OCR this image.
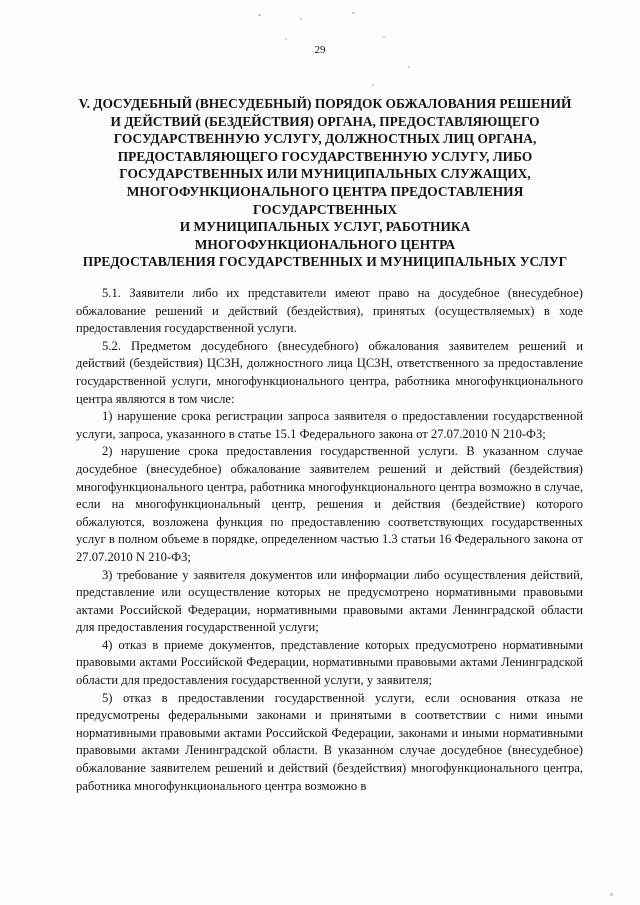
29
V. ДОСУДЕБНЫЙ (ВНЕСУДЕБНЫЙ) ПОРЯДОК ОБЖАЛОВАНИЯ РЕШЕНИЙ
И ДЕЙСТВИЙ (БЕЗДЕЙСТВИЯ) ОРГАНА, ПРЕДОСТАВЛЯЮЩЕГО
ГОСУДАРСТВЕННУЮ УСЛУГУ, ДОЛЖНОСТНЫХ ЛИЦ ОРГАНА,
ПРЕДОСТАВЛЯЮЩЕГО ГОСУДАРСТВЕННУЮ УСЛУГУ, ЛИБО
ГОСУДАРСТВЕННЫХ ИЛИ МУНИЦИПАЛЬНЫХ СЛУЖАЩИХ,
МНОГОФУНКЦИОНАЛЬНОГО ЦЕНТРА ПРЕДОСТАВЛЕНИЯ
ГОСУДАРСТВЕННЫХ
И МУНИЦИПАЛЬНЫХ УСЛУГ, РАБОТНИКА
МНОГОФУНКЦИОНАЛЬНОГО ЦЕНТРА
ПРЕДОСТАВЛЕНИЯ ГОСУДАРСТВЕННЫХ И МУНИЦИПАЛЬНЫХ УСЛУГ

5.1. Заявители либо их представители имеют право на досудебное (внесудебное) обжалование решений и действий (бездействия), принятых (осуществляемых) в ходе предоставления государственной услуги.

5.2. Предметом досудебного (внесудебного) обжалования заявителем решений и действий (бездействия) ЦСЗН, должностного лица ЦСЗН, ответственного за предоставление государственной услуги, многофункционального центра, работника многофункционального центра являются в том числе:

1) нарушение срока регистрации запроса заявителя о предоставлении государственной услуги, запроса, указанного в статье 15.1 Федерального закона от 27.07.2010 N 210-ФЗ;

2) нарушение срока предоставления государственной услуги. В указанном случае досудебное (внесудебное) обжалование заявителем решений и действий (бездействия) многофункционального центра, работника многофункционального центра возможно в случае, если на многофункциональный центр, решения и действия (бездействие) которого обжалуются, возложена функция по предоставлению соответствующих государственных услуг в полном объеме в порядке, определенном частью 1.3 статьи 16 Федерального закона от 27.07.2010 N 210-ФЗ;

3) требование у заявителя документов или информации либо осуществления действий, представление или осуществление которых не предусмотрено нормативными правовыми актами Российской Федерации, нормативными правовыми актами Ленинградской области для предоставления государственной услуги;

4) отказ в приеме документов, представление которых предусмотрено нормативными правовыми актами Российской Федерации, нормативными правовыми актами Ленинградской области для предоставления государственной услуги, у заявителя;

5) отказ в предоставлении государственной услуги, если основания отказа не предусмотрены федеральными законами и принятыми в соответствии с ними иными нормативными правовыми актами Российской Федерации, законами и иными нормативными правовыми актами Ленинградской области. В указанном случае досудебное (внесудебное) обжалование заявителем решений и действий (бездействия) многофункционального центра, работника многофункционального центра возможно в
